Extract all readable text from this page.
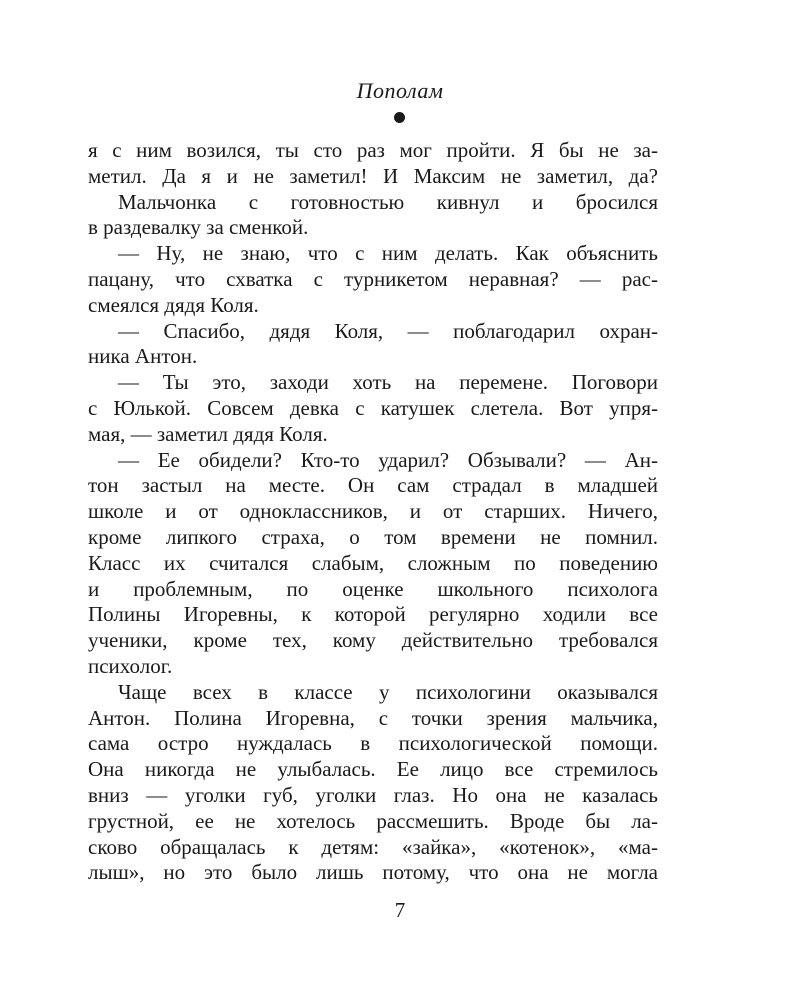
Пополам
я с ним возился, ты сто раз мог пройти. Я бы не за-
метил. Да я и не заметил! И Максим не заметил, да?
Мальчонка с готовностью кивнул и бросился
в раздевалку за сменкой.
— Ну, не знаю, что с ним делать. Как объяснить
пацану, что схватка с турникетом неравная? — рас-
смеялся дядя Коля.
— Спасибо, дядя Коля, — поблагодарил охран-
ника Антон.
— Ты это, заходи хоть на перемене. Поговори
с Юлькой. Совсем девка с катушек слетела. Вот упря-
мая, — заметил дядя Коля.
— Ее обидели? Кто-то ударил? Обзывали? — Ан-
тон застыл на месте. Он сам страдал в младшей
школе и от одноклассников, и от старших. Ничего,
кроме липкого страха, о том времени не помнил.
Класс их считался слабым, сложным по поведению
и проблемным, по оценке школьного психолога
Полины Игоревны, к которой регулярно ходили все
ученики, кроме тех, кому действительно требовался
психолог.
Чаще всех в классе у психологини оказывался
Антон. Полина Игоревна, с точки зрения мальчика,
сама остро нуждалась в психологической помощи.
Она никогда не улыбалась. Ее лицо все стремилось
вниз — уголки губ, уголки глаз. Но она не казалась
грустной, ее не хотелось рассмешить. Вроде бы ла-
сково обращалась к детям: «зайка», «котенок», «ма-
лыш», но это было лишь потому, что она не могла
7
